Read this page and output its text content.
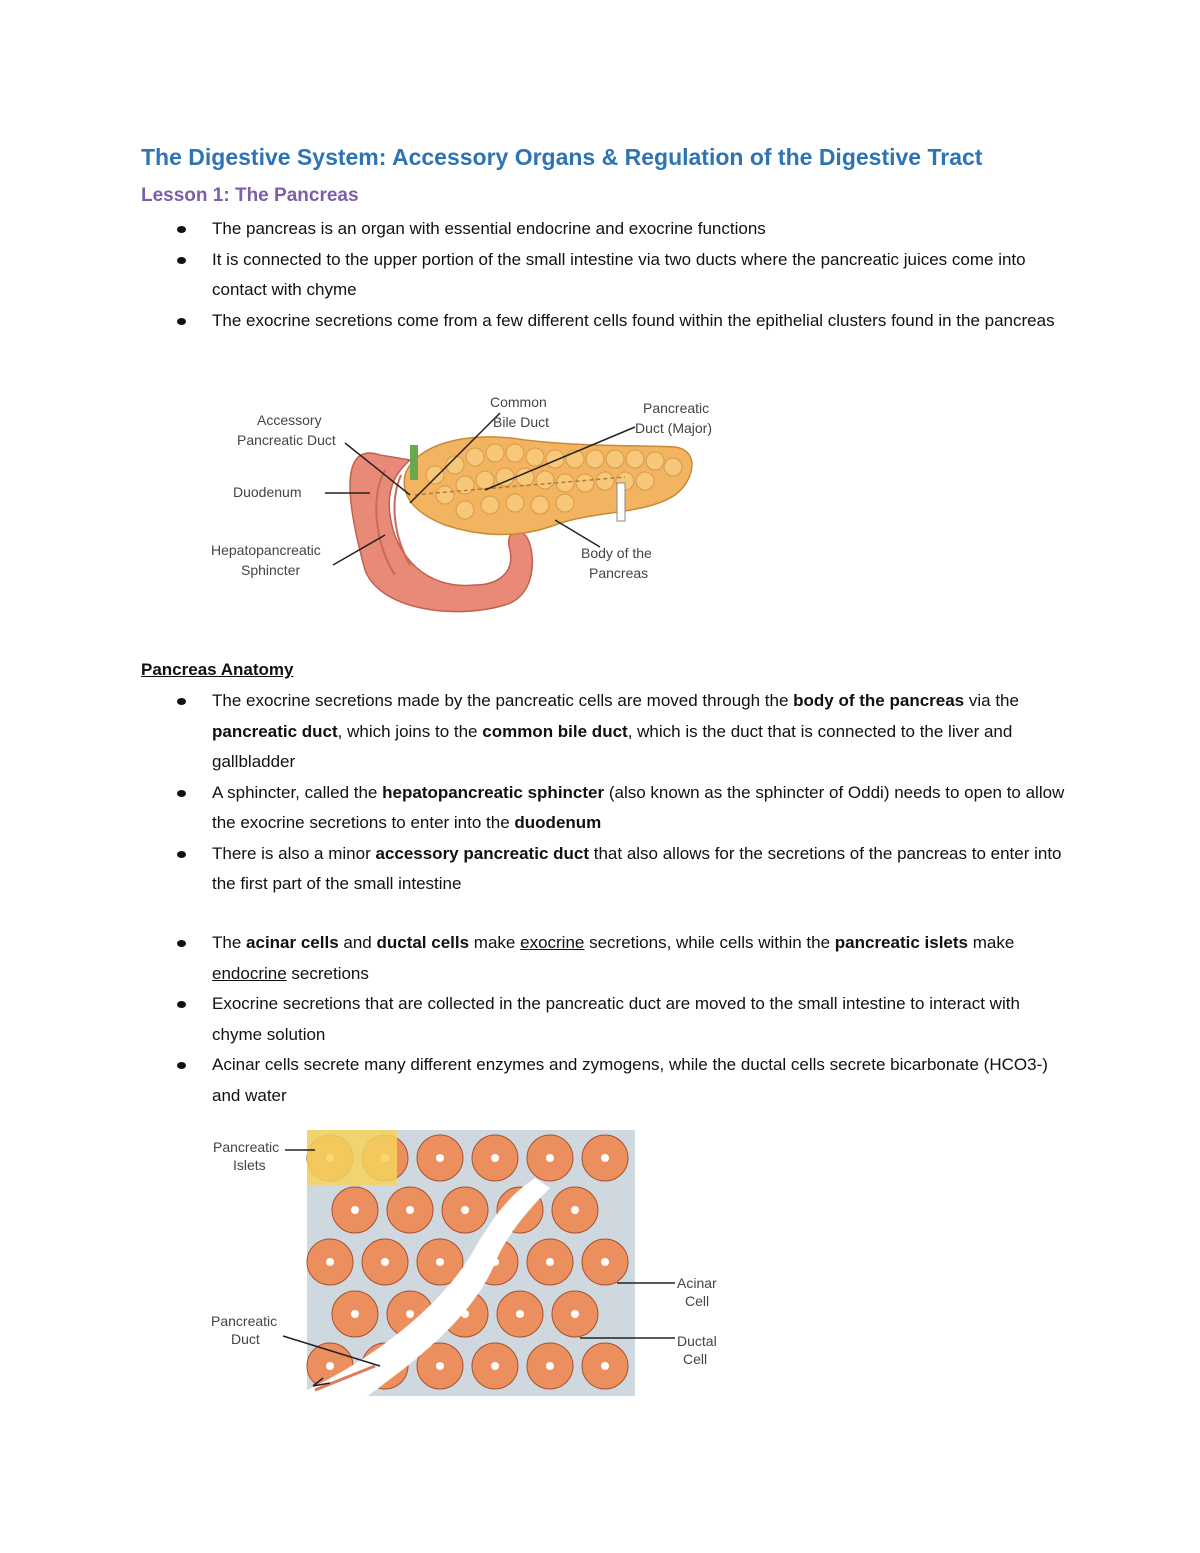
The Digestive System: Accessory Organs & Regulation of the Digestive Tract
Lesson 1: The Pancreas
The pancreas is an organ with essential endocrine and exocrine functions
It is connected to the upper portion of the small intestine via two ducts where the pancreatic juices come into contact with chyme
The exocrine secretions come from a few different cells found within the epithelial clusters found in the pancreas
Accessory
Pancreatic Duct
Duodenum
Hepatopancreatic
Sphincter
Common
Bile Duct
Pancreatic
Duct (Major)
Body of the
Pancreas
Pancreas Anatomy
The exocrine secretions made by the pancreatic cells are moved through the body of the pancreas via the pancreatic duct, which joins to the common bile duct, which is the duct that is connected to the liver and gallbladder
A sphincter, called the hepatopancreatic sphincter (also known as the sphincter of Oddi) needs to open to allow the exocrine secretions to enter into the duodenum
There is also a minor accessory pancreatic duct that also allows for the secretions of the pancreas to enter into the first part of the small intestine
The acinar cells and ductal cells make exocrine secretions, while cells within the pancreatic islets make endocrine secretions
Exocrine secretions that are collected in the pancreatic duct are moved to the small intestine to interact with chyme solution
Acinar cells secrete many different enzymes and zymogens, while the ductal cells secrete bicarbonate (HCO3-) and water
Pancreatic
Islets
Pancreatic
Duct
Acinar
Cell
Ductal
Cell
